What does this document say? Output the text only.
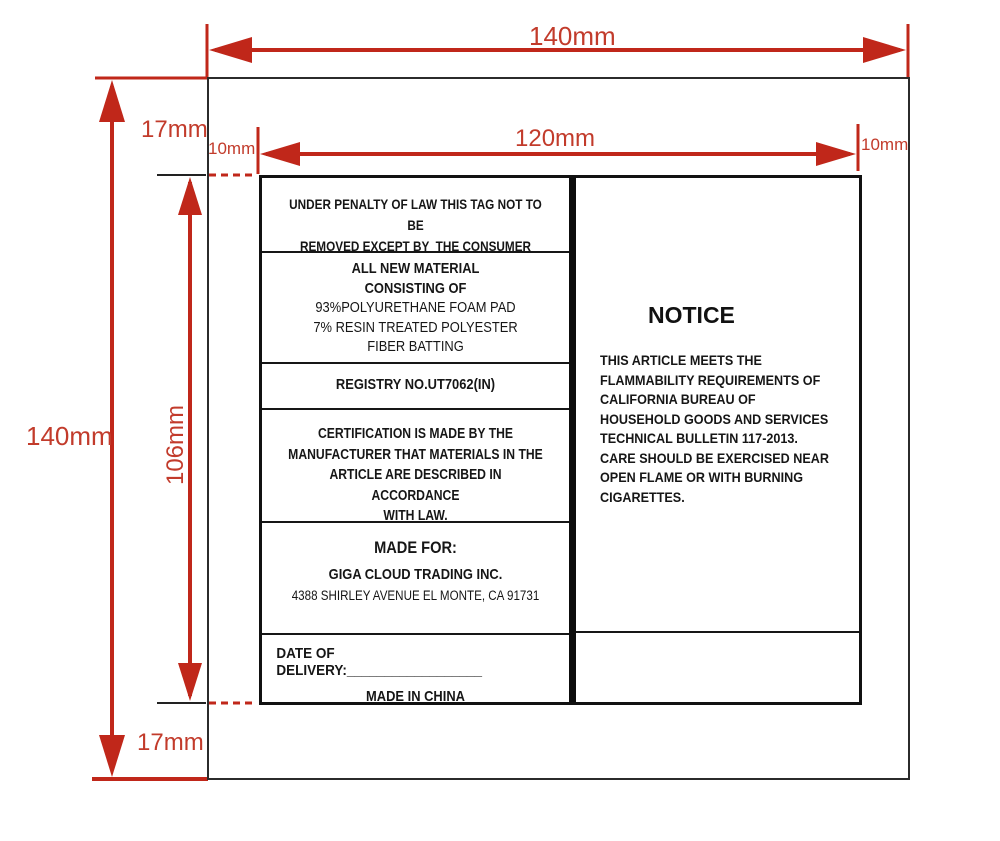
140mm
120mm
140mm 106mm
17mm
17mm
10mm	10mm
UNDER PENALTY OF LAW THIS TAG NOT TO BE
REMOVED EXCEPT BY  THE CONSUMER
ALL NEW MATERIAL
CONSISTING OF
93%POLYURETHANE FOAM PAD
7% RESIN TREATED POLYESTER
FIBER BATTING
REGISTRY NO.UT7062(IN)
CERTIFICATION IS MADE BY THE
MANUFACTURER THAT MATERIALS IN THE
ARTICLE ARE DESCRIBED IN ACCORDANCE
WITH LAW.
MADE FOR:
GIGA CLOUD TRADING INC.
4388 SHIRLEY AVENUE EL MONTE, CA 91731
DATE OF DELIVERY:__________________
MADE IN CHINA
NOTICE
THIS ARTICLE MEETS THE
FLAMMABILITY REQUIREMENTS OF
CALIFORNIA BUREAU OF
HOUSEHOLD GOODS AND SERVICES
TECHNICAL BULLETIN 117-2013.
CARE SHOULD BE EXERCISED NEAR
OPEN FLAME OR WITH BURNING
CIGARETTES.
